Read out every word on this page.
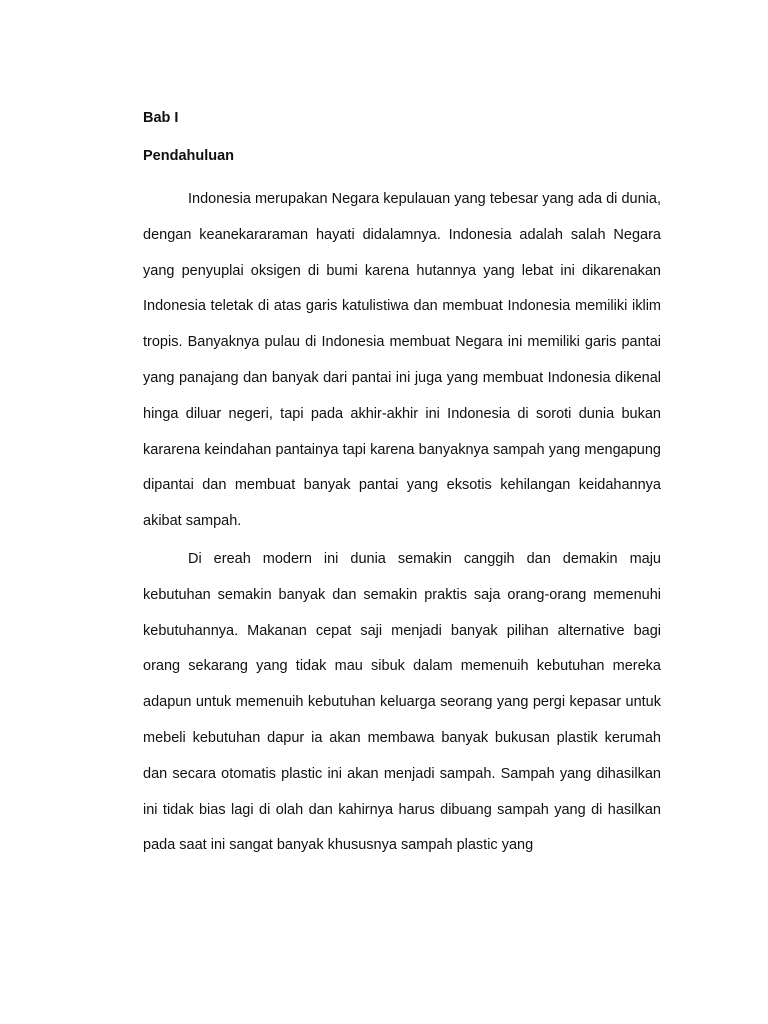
Bab I

Pendahuluan

Indonesia merupakan Negara kepulauan yang tebesar yang ada di dunia, dengan keanekararaman hayati didalamnya. Indonesia adalah salah Negara yang penyuplai oksigen di bumi karena hutannya yang lebat ini dikarenakan Indonesia teletak di atas garis katulistiwa dan membuat Indonesia memiliki iklim tropis. Banyaknya pulau di Indonesia membuat Negara ini memiliki garis pantai yang panajang dan banyak dari pantai ini juga yang membuat Indonesia dikenal hinga diluar negeri, tapi pada akhir-akhir ini Indonesia di soroti dunia bukan kararena keindahan pantainya tapi karena banyaknya sampah yang mengapung dipantai dan membuat banyak pantai yang eksotis kehilangan keidahannya akibat sampah.

Di ereah modern ini dunia semakin canggih dan demakin maju kebutuhan semakin banyak dan semakin praktis saja orang-orang memenuhi kebutuhannya. Makanan cepat saji menjadi banyak pilihan alternative bagi orang sekarang yang tidak mau sibuk dalam memenuih kebutuhan mereka adapun untuk memenuih kebutuhan keluarga seorang yang pergi kepasar untuk mebeli kebutuhan dapur ia akan membawa banyak bukusan plastik kerumah dan secara otomatis plastic ini akan menjadi sampah. Sampah yang dihasilkan ini tidak bias lagi di olah dan kahirnya harus dibuang sampah yang di hasilkan pada saat ini sangat banyak khususnya sampah plastic yang
